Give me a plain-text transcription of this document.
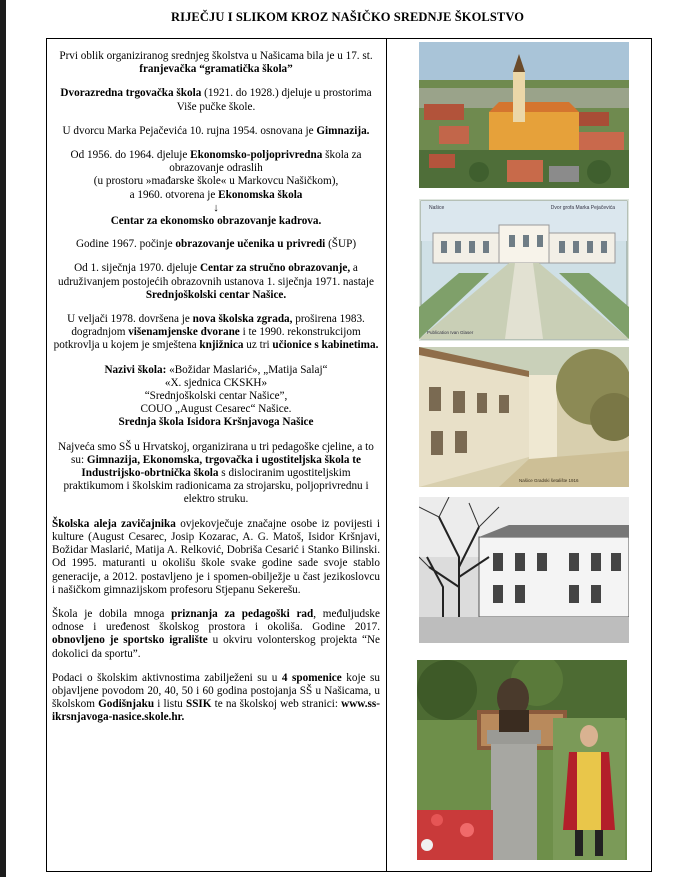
RIJEČJU I SLIKOM KROZ NAŠIČKO SREDNJE ŠKOLSTVO

Prvi oblik organiziranog srednjeg školstva u Našicama bila je u 17. st. franjevačka “gramatička škola”

Dvorazredna trgovačka škola (1921. do 1928.) djeluje u prostorima Više pučke škole.

U dvorcu Marka Pejačevića 10. rujna 1954. osnovana je Gimnazija.

Od 1956. do 1964. djeluje Ekonomsko-poljoprivredna škola za obrazovanje odraslih
(u prostoru »mađarske škole« u Markovcu Našičkom),
a 1960. otvorena je Ekonomska škola
↓
Centar za ekonomsko obrazovanje kadrova.

Godine 1967. počinje obrazovanje učenika u privredi (ŠUP)

Od 1. siječnja 1970. djeluje Centar za stručno obrazovanje, a udruživanjem postojećih obrazovnih ustanova 1. siječnja 1971. nastaje Srednjoškolski centar Našice.

U veljači 1978. dovršena je nova školska zgrada, proširena 1983. dogradnjom višenamjenske dvorane i te 1990. rekonstrukcijom potkrovlja u kojem je smještena knjižnica uz tri učionice s kabinetima.

Nazivi škola: «Božidar Maslarić», „Matija Salaj“
«X. sjednica CKSKH»
“Srednjoškolski centar Našice”,
COUO „August Cesarec“ Našice.
Srednja škola Isidora Kršnjavoga Našice

Najveća smo SŠ u Hrvatskoj, organizirana u tri pedagoške cjeline, a to su: Gimnazija, Ekonomska, trgovačka i ugostiteljska škola te Industrijsko-obrtnička škola s dislociranim ugostiteljskim praktikumom i školskim radionicama za strojarsku, poljoprivrednu i elektro struku.

Školska aleja zavičajnika ovjekovječuje značajne osobe iz povijesti i kulture (August Cesarec, Josip Kozarac, A. G. Matoš, Isidor Kršnjavi, Božidar Maslarić, Matija A. Relković, Dobriša Cesarić i Stanko Bilinski. Od 1995. maturanti u okolišu škole svake godine sade svoje stablo generacije, a 2012. postavljeno je i spomen-obilježje u čast jezikoslovcu i našičkom gimnazijskom profesoru Stjepanu Sekerešu.

Škola je dobila mnoga priznanja za pedagoški rad, međuljudske odnose i uređenost školskog prostora i okoliša. Godine 2017. obnovljeno je sportsko igralište u okviru volonterskog projekta “Ne dokolici da sportu”.

Podaci o školskim aktivnostima zabilježeni su u 4 spomenice koje su objavljene povodom 20, 40, 50 i 60 godina postojanja SŠ u Našicama, u školskom Godišnjaku i listu SSIK te na školskoj web stranici: www.ss-ikrsnjavoga-nasice.skole.hr.

Našice	Dvor grofa Marka Pejačevića
Publication Ivan Glaser
Našice Gradski šetalište 1916
